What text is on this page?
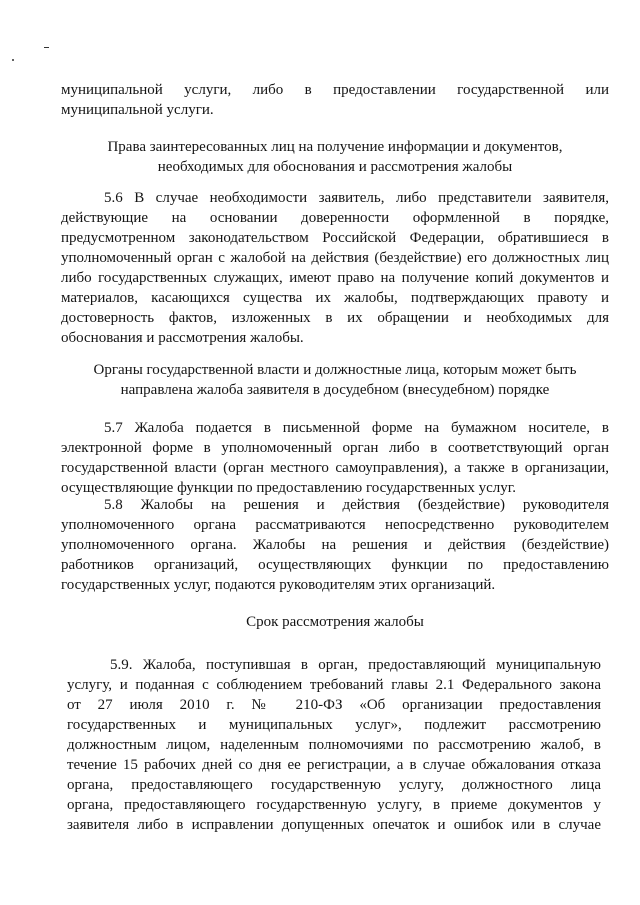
муниципальной услуги, либо в предоставлении государственной или
муниципальной услуги.
Права заинтересованных лиц на получение информации и документов,
необходимых для обоснования и рассмотрения жалобы
5.6 В случае необходимости заявитель, либо представители заявителя,
действующие на основании доверенности оформленной в порядке,
предусмотренном законодательством Российской Федерации, обратившиеся в
уполномоченный орган с жалобой на действия (бездействие) его должностных лиц
либо государственных служащих, имеют право на получение копий документов и
материалов, касающихся существа их жалобы, подтверждающих правоту и
достоверность фактов, изложенных в их обращении и необходимых для
обоснования и рассмотрения жалобы.
Органы государственной власти и должностные лица, которым может быть
направлена жалоба заявителя в досудебном (внесудебном) порядке
5.7 Жалоба подается в письменной форме на бумажном носителе, в
электронной форме в уполномоченный орган либо в соответствующий орган
государственной власти (орган местного самоуправления), а также в организации,
осуществляющие функции по предоставлению государственных услуг.
5.8 Жалобы на решения и действия (бездействие) руководителя
уполномоченного органа рассматриваются непосредственно руководителем
уполномоченного органа. Жалобы на решения и действия (бездействие)
работников организаций, осуществляющих функции по предоставлению
государственных услуг, подаются руководителям этих организаций.
Срок рассмотрения жалобы
5.9. Жалоба, поступившая в орган, предоставляющий муниципальную
услугу, и поданная с соблюдением требований главы 2.1 Федерального закона
от 27 июля 2010 г. № 210-ФЗ «Об организации предоставления
государственных и муниципальных услуг», подлежит рассмотрению
должностным лицом, наделенным полномочиями по рассмотрению жалоб, в
течение 15 рабочих дней со дня ее регистрации, а в случае обжалования отказа
органа, предоставляющего государственную услугу, должностного лица
органа, предоставляющего государственную услугу, в приеме документов у
заявителя либо в исправлении допущенных опечаток и ошибок или в случае
